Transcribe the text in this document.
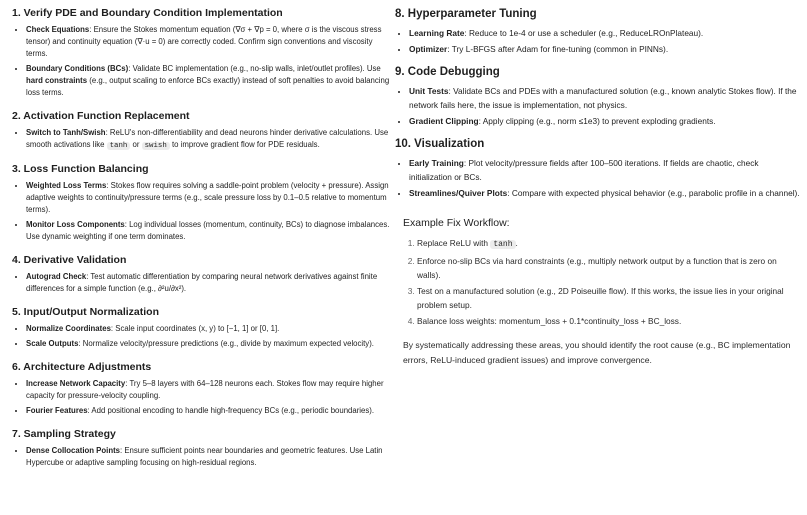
1. Verify PDE and Boundary Condition Implementation
• Check Equations: Ensure the Stokes momentum equation (∇σ + ∇p = 0, where σ is the viscous stress tensor) and continuity equation (∇·u = 0) are correctly coded. Confirm sign conventions and viscosity terms.
• Boundary Conditions (BCs): Validate BC implementation (e.g., no-slip walls, inlet/outlet profiles). Use hard constraints (e.g., output scaling to enforce BCs exactly) instead of soft penalties to avoid balancing loss terms.
2. Activation Function Replacement
• Switch to Tanh/Swish: ReLU's non-differentiability and dead neurons hinder derivative calculations. Use smooth activations like tanh or swish to improve gradient flow for PDE residuals.
3. Loss Function Balancing
• Weighted Loss Terms: Stokes flow requires solving a saddle-point problem (velocity + pressure). Assign adaptive weights to continuity/pressure terms (e.g., scale pressure loss by 0.1–0.5 relative to momentum terms).
• Monitor Loss Components: Log individual losses (momentum, continuity, BCs) to diagnose imbalances. Use dynamic weighting if one term dominates.
4. Derivative Validation
• Autograd Check: Test automatic differentiation by comparing neural network derivatives against finite differences for a simple function (e.g., ∂²u/∂x²).
5. Input/Output Normalization
• Normalize Coordinates: Scale input coordinates (x, y) to [−1, 1] or [0, 1].
• Scale Outputs: Normalize velocity/pressure predictions (e.g., divide by maximum expected velocity).
6. Architecture Adjustments
• Increase Network Capacity: Try 5–8 layers with 64–128 neurons each. Stokes flow may require higher capacity for pressure-velocity coupling.
• Fourier Features: Add positional encoding to handle high-frequency BCs (e.g., periodic boundaries).
7. Sampling Strategy
• Dense Collocation Points: Ensure sufficient points near boundaries and geometric features. Use Latin Hypercube or adaptive sampling focusing on high-residual regions.
8. Hyperparameter Tuning
• Learning Rate: Reduce to 1e-4 or use a scheduler (e.g., ReduceLROnPlateau).
• Optimizer: Try L-BFGS after Adam for fine-tuning (common in PINNs).
9. Code Debugging
• Unit Tests: Validate BCs and PDEs with a manufactured solution (e.g., known analytic Stokes flow). If the network fails here, the issue is implementation, not physics.
• Gradient Clipping: Apply clipping (e.g., norm ≤1e3) to prevent exploding gradients.
10. Visualization
• Early Training: Plot velocity/pressure fields after 100–500 iterations. If fields are chaotic, check initialization or BCs.
• Streamlines/Quiver Plots: Compare with expected physical behavior (e.g., parabolic profile in a channel).
Example Fix Workflow:
1. Replace ReLU with tanh .
2. Enforce no-slip BCs via hard constraints (e.g., multiply network output by a function that is zero on walls).
3. Test on a manufactured solution (e.g., 2D Poiseuille flow). If this works, the issue lies in your original problem setup.
4. Balance loss weights: momentum_loss + 0.1*continuity_loss + BC_loss.

By systematically addressing these areas, you should identify the root cause (e.g., BC implementation errors, ReLU-induced gradient issues) and improve convergence.
